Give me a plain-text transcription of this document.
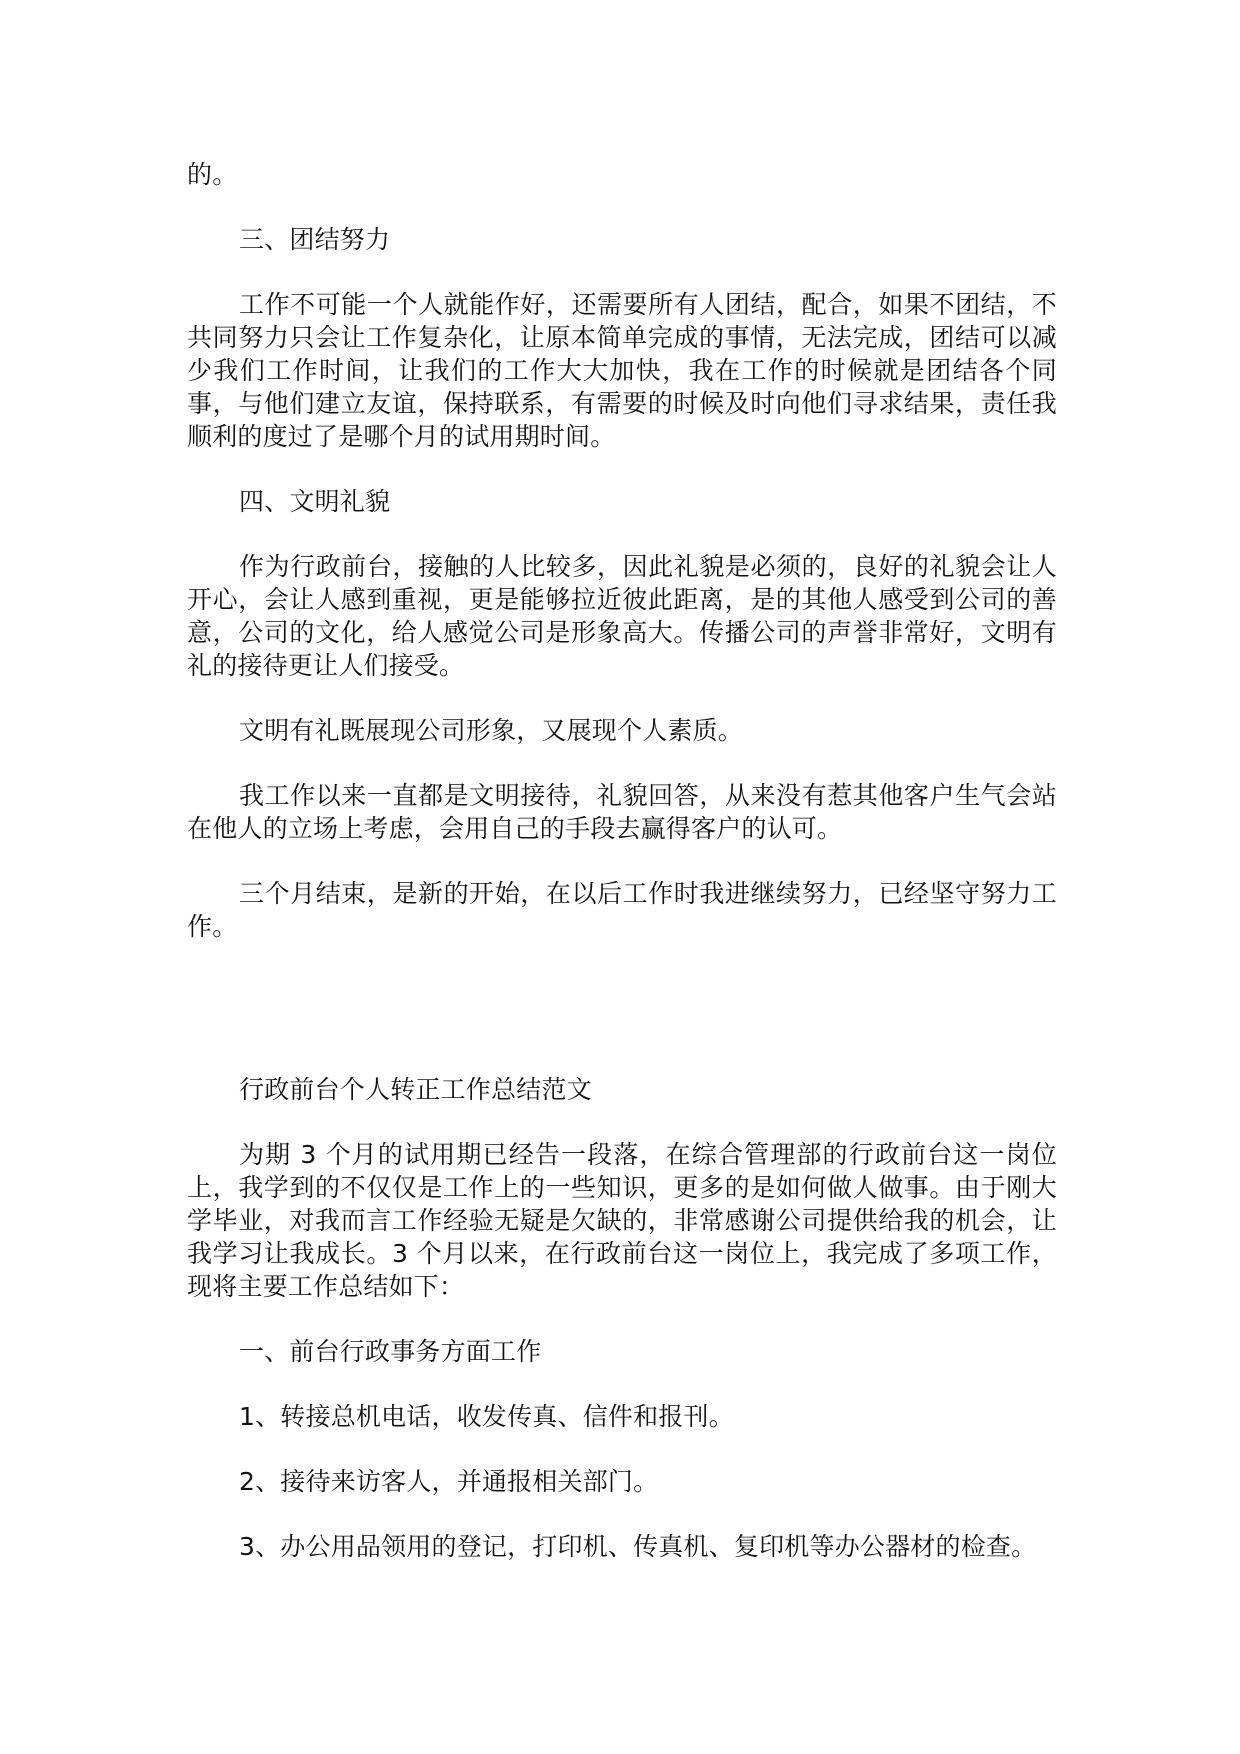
的。

三、团结努力

工作不可能一个人就能作好，还需要所有人团结，配合，如果不团结，不共同努力只会让工作复杂化，让原本简单完成的事情，无法完成，团结可以减少我们工作时间，让我们的工作大大加快，我在工作的时候就是团结各个同事，与他们建立友谊，保持联系，有需要的时候及时向他们寻求结果，责任我顺利的度过了是哪个月的试用期时间。

四、文明礼貌

作为行政前台，接触的人比较多，因此礼貌是必须的，良好的礼貌会让人开心，会让人感到重视，更是能够拉近彼此距离，是的其他人感受到公司的善意，公司的文化，给人感觉公司是形象高大。传播公司的声誉非常好，文明有礼的接待更让人们接受。

文明有礼既展现公司形象，又展现个人素质。

我工作以来一直都是文明接待，礼貌回答，从来没有惹其他客户生气会站在他人的立场上考虑，会用自己的手段去赢得客户的认可。

三个月结束，是新的开始，在以后工作时我进继续努力，已经坚守努力工作。

行政前台个人转正工作总结范文

为期 3 个月的试用期已经告一段落，在综合管理部的行政前台这一岗位上，我学到的不仅仅是工作上的一些知识，更多的是如何做人做事。由于刚大学毕业，对我而言工作经验无疑是欠缺的，非常感谢公司提供给我的机会，让我学习让我成长。3 个月以来，在行政前台这一岗位上，我完成了多项工作，现将主要工作总结如下：

一、前台行政事务方面工作

1、转接总机电话，收发传真、信件和报刊。

2、接待来访客人，并通报相关部门。

3、办公用品领用的登记，打印机、传真机、复印机等办公器材的检查。
